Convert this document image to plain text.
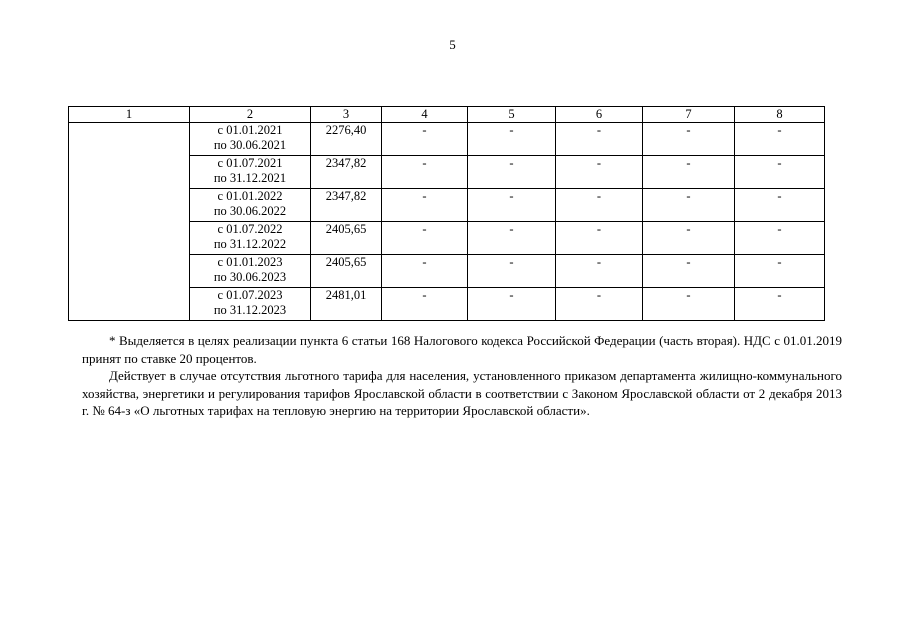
5
1	2	3	4	5	6	7	8

	с 01.01.2021
по 30.06.2021	2276,40	-	-	-	-	-

	с 01.07.2021
по 31.12.2021	2347,82	-	-	-	-	-

	с 01.01.2022
по 30.06.2022	2347,82	-	-	-	-	-

	с 01.07.2022
по 31.12.2022	2405,65	-	-	-	-	-

	с 01.01.2023
по 30.06.2023	2405,65	-	-	-	-	-

	с 01.07.2023
по 31.12.2023	2481,01	-	-	-	-	-

* Выделяется в целях реализации пункта 6 статьи 168 Налогового кодекса Российской Федерации (часть вторая). НДС с 01.01.2019 принят по ставке 20 процентов.

Действует в случае отсутствия льготного тарифа для населения, установленного приказом департамента жилищно-коммунального хозяйства, энергетики и регулирования тарифов Ярославской области в соответствии с Законом Ярославской области от 2 декабря 2013 г. № 64-з «О льготных тарифах на тепловую энергию на территории Ярославской области».
